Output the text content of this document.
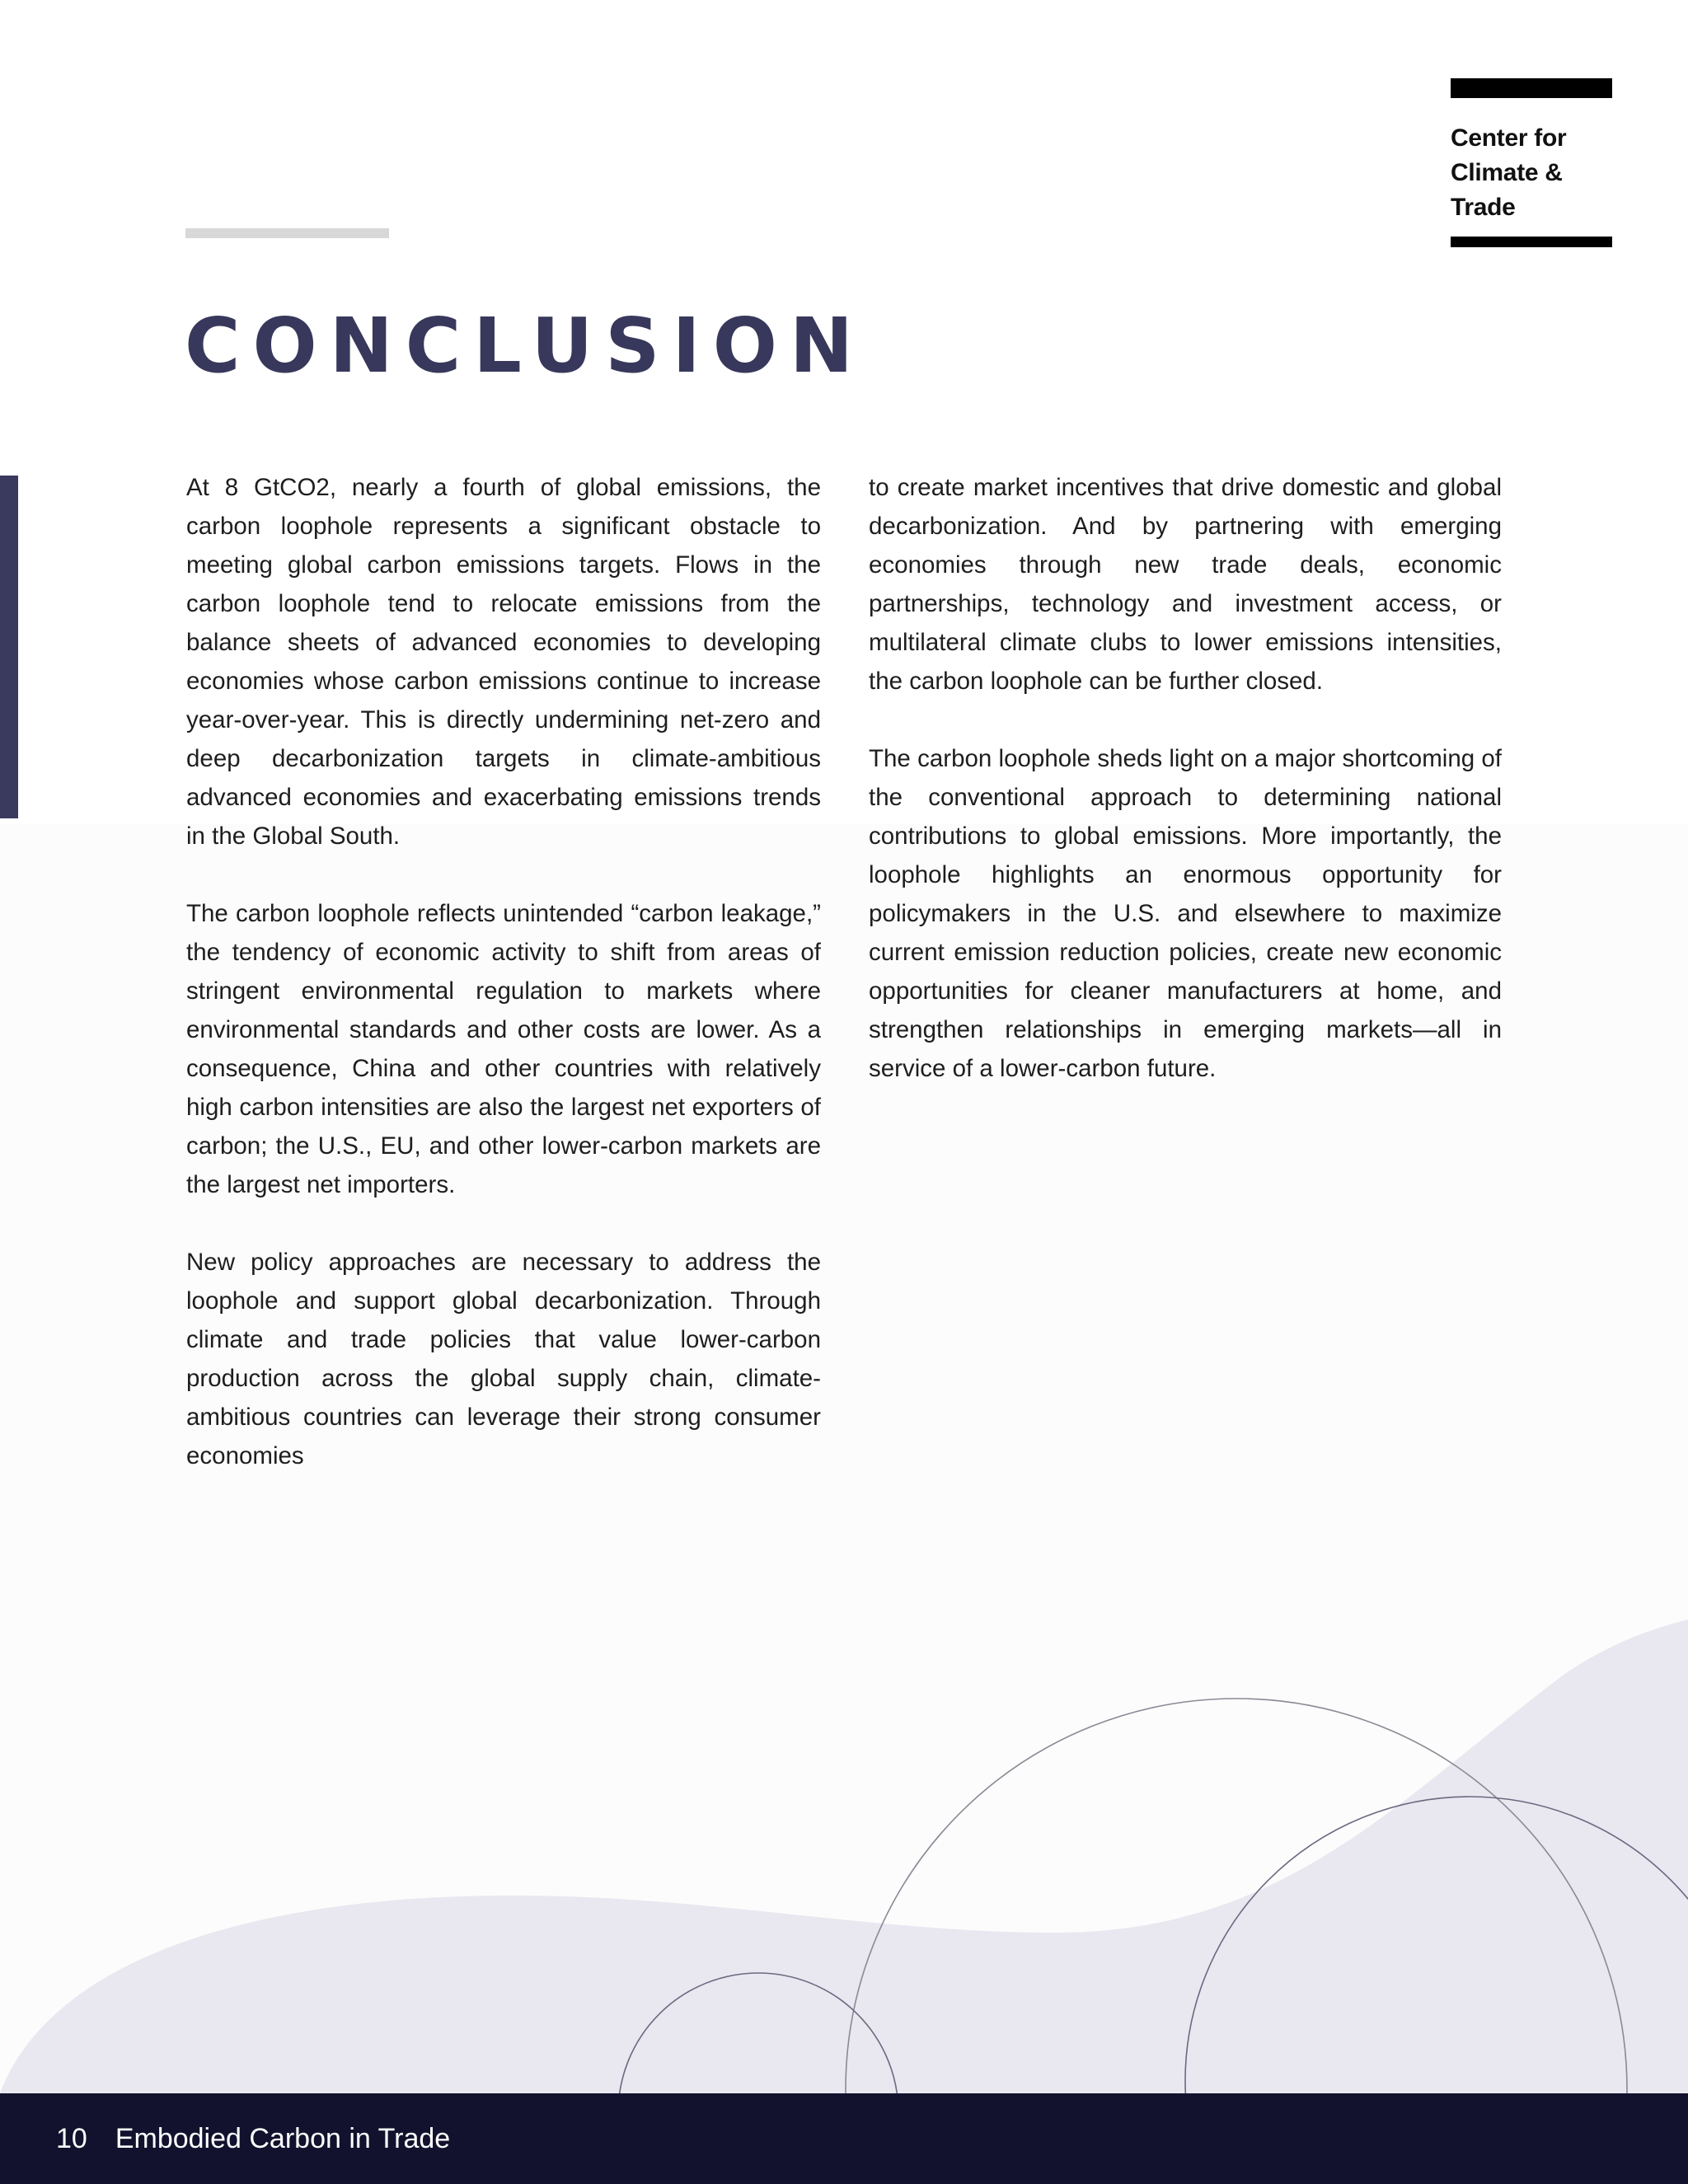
Center for
Climate &
Trade
CONCLUSION

At 8 GtCO2, nearly a fourth of global emissions, the carbon loophole represents a significant obstacle to meeting global carbon emissions targets. Flows in the carbon loophole tend to relocate emissions from the balance sheets of advanced economies to developing economies whose carbon emissions continue to increase year-over-year. This is directly undermining net-zero and deep decarbonization targets in climate-ambitious advanced economies and exacerbating emissions trends in the Global South.

The carbon loophole reflects unintended “carbon leakage,” the tendency of economic activity to shift from areas of stringent environmental regulation to markets where environmental standards and other costs are lower. As a consequence, China and other countries with relatively high carbon intensities are also the largest net exporters of carbon; the U.S., EU, and other lower-carbon markets are the largest net importers.

New policy approaches are necessary to address the loophole and support global decarbonization. Through climate and trade policies that value lower-carbon production across the global supply chain, climate-ambitious countries can leverage their strong consumer economies

to create market incentives that drive domestic and global decarbonization. And by partnering with emerging economies through new trade deals, economic partnerships, technology and investment access, or multilateral climate clubs to lower emissions intensities, the carbon loophole can be further closed.

The carbon loophole sheds light on a major shortcoming of the conventional approach to determining national contributions to global emissions. More importantly, the loophole highlights an enormous opportunity for policymakers in the U.S. and elsewhere to maximize current emission reduction policies, create new economic opportunities for cleaner manufacturers at home, and strengthen relationships in emerging markets—all in service of a lower-carbon future.

10 Embodied Carbon in Trade
